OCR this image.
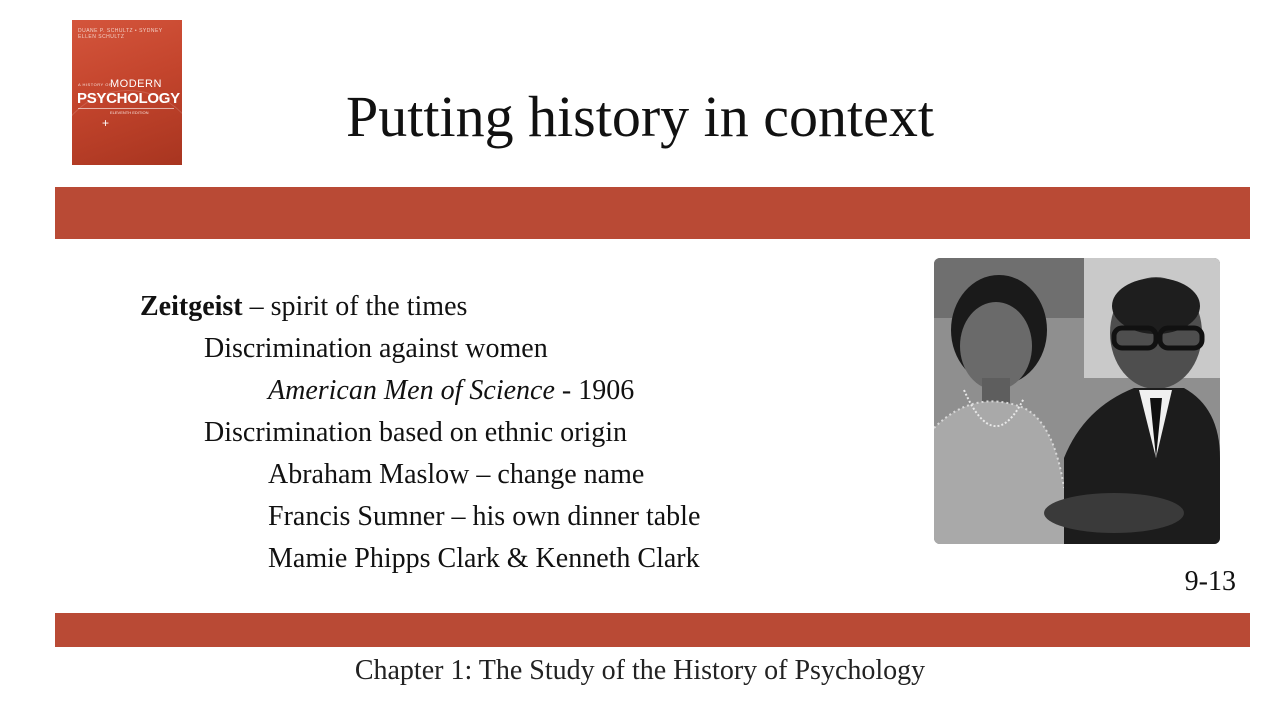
DUANE P. SCHULTZ • SYDNEY ELLEN SCHULTZ
A HISTORY OF
MODERN
PSYCHOLOGY
ELEVENTH EDITION
+	Putting history in context
Zeitgeist – spirit of the times
Discrimination against women
American Men of Science - 1906
Discrimination based on ethnic origin
Abraham Maslow – change name
Francis Sumner – his own dinner table
Mamie Phipps Clark & Kenneth Clark
9-13
Chapter 1: The Study of the History of Psychology
